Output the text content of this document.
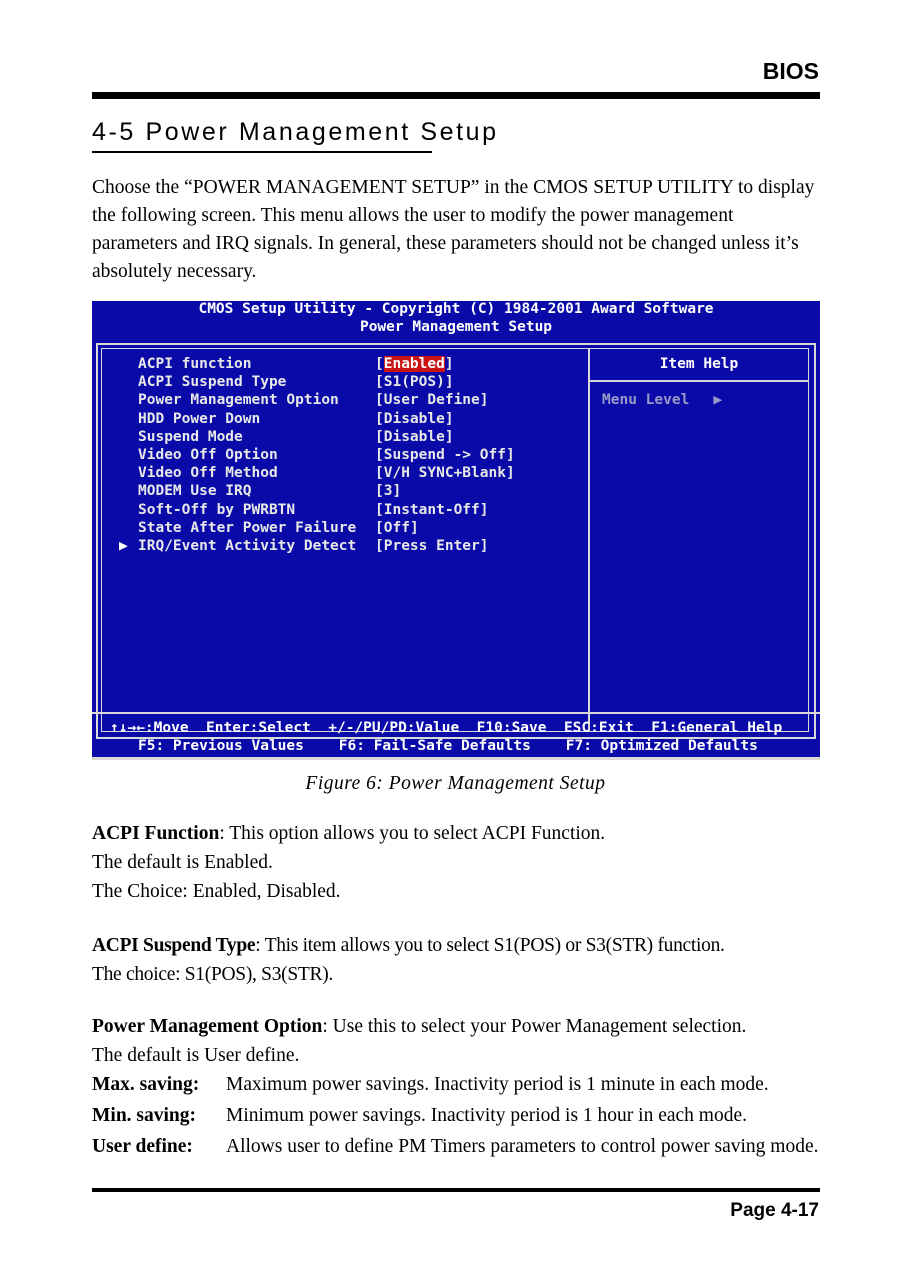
BIOS
4-5 Power Management Setup

Choose the “POWER MANAGEMENT SETUP” in the CMOS SETUP UTILITY to display the following screen. This menu allows the user to modify the power management parameters and IRQ signals. In general, these parameters should not be changed unless it’s absolutely necessary.

CMOS Setup Utility - Copyright (C) 1984-2001 Award Software
Power Management Setup
Item Help
Menu Level ▶
ACPI function	[Enabled]
ACPI Suspend Type	[S1(POS)]
Power Management Option [User Define]
HDD Power Down	[Disable]
Suspend Mode	[Disable]
Video Off Option	[Suspend -> Off]
Video Off Method	[V/H SYNC+Blank]
MODEM Use IRQ	[3]
Soft-Off by PWRBTN	[Instant-Off]
State After Power Failure [Off]
▶ IRQ/Event Activity Detect [Press Enter]
↑↓→←:Move  Enter:Select  +/-/PU/PD:Value  F10:Save  ESC:Exit  F1:General Help
F5: Previous Values    F6: Fail-Safe Defaults    F7: Optimized Defaults
Figure 6: Power Management Setup

ACPI Function: This option allows you to select ACPI Function.
The default is Enabled.
The Choice: Enabled, Disabled.

ACPI Suspend Type: This item allows you to select S1(POS) or S3(STR) function.
The choice: S1(POS), S3(STR).

Power Management Option: Use this to select your Power Management selection.
The default is User define.

Max. saving: Maximum power savings. Inactivity period is 1 minute in each mode.
Min. saving: Minimum power savings. Inactivity period is 1 hour in each mode.
User define: Allows user to define PM Timers parameters to control power saving mode.
Page 4-17
